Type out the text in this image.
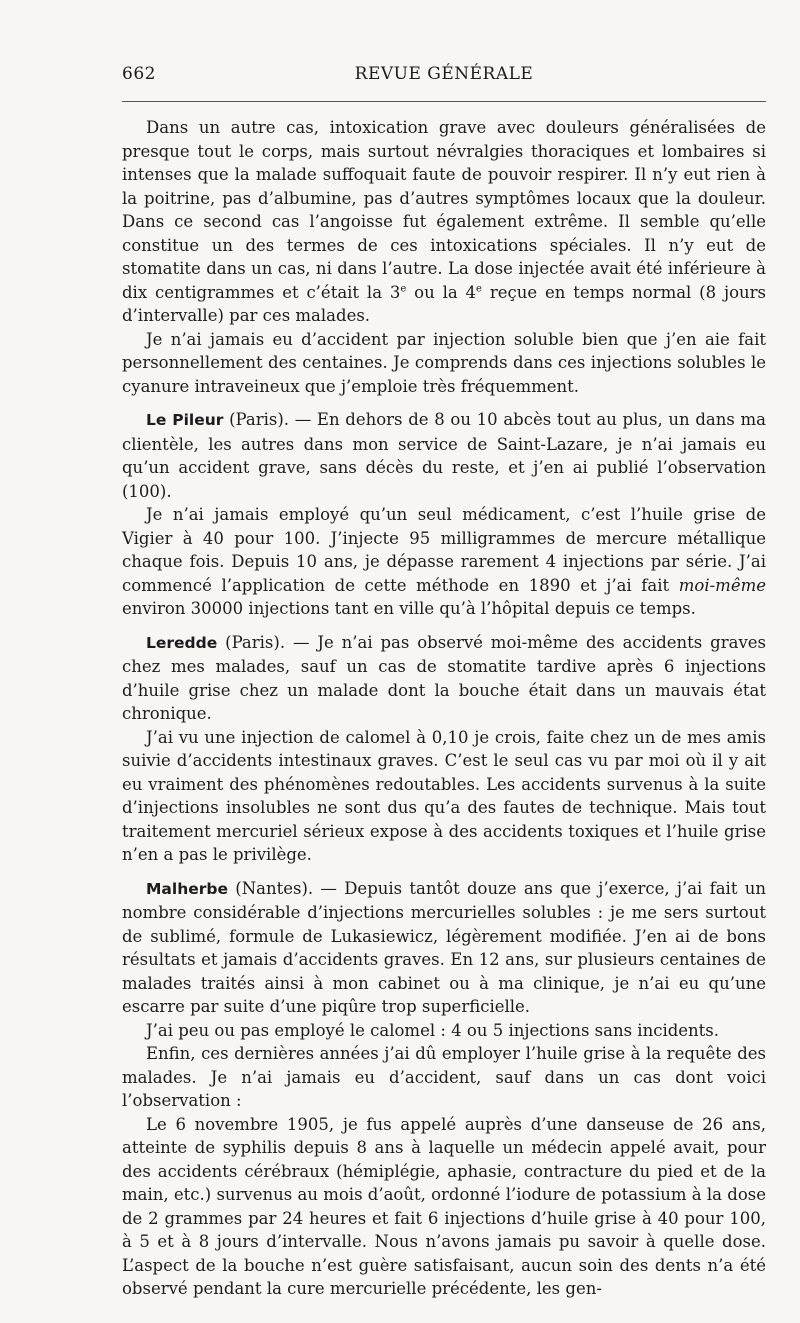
662	REVUE GÉNÉRALE

Dans un autre cas, intoxication grave avec douleurs généralisées de presque tout le corps, mais surtout névralgies thoraciques et lombaires si intenses que la malade suffoquait faute de pouvoir respirer. Il n’y eut rien à la poitrine, pas d’albumine, pas d’autres symptômes locaux que la douleur. Dans ce second cas l’angoisse fut également extrême. Il semble qu’elle constitue un des termes de ces intoxications spéciales. Il n’y eut de stomatite dans un cas, ni dans l’autre. La dose injectée avait été inférieure à dix centigrammes et c’était la 3e ou la 4e reçue en temps normal (8 jours d’intervalle) par ces malades.

Je n’ai jamais eu d’accident par injection soluble bien que j’en aie fait personnellement des centaines. Je comprends dans ces injections solubles le cyanure intraveineux que j’emploie très fréquemment.

Le Pileur (Paris). — En dehors de 8 ou 10 abcès tout au plus, un dans ma clientèle, les autres dans mon service de Saint-Lazare, je n’ai jamais eu qu’un accident grave, sans décès du reste, et j’en ai publié l’observation (100).

Je n’ai jamais employé qu’un seul médicament, c’est l’huile grise de Vigier à 40 pour 100. J’injecte 95 milligrammes de mercure métallique chaque fois. Depuis 10 ans, je dépasse rarement 4 injections par série. J’ai commencé l’application de cette méthode en 1890 et j’ai fait moi-même environ 30000 injections tant en ville qu’à l’hôpital depuis ce temps.

Leredde (Paris). — Je n’ai pas observé moi-même des accidents graves chez mes malades, sauf un cas de stomatite tardive après 6 injections d’huile grise chez un malade dont la bouche était dans un mauvais état chronique.

J’ai vu une injection de calomel à 0,10 je crois, faite chez un de mes amis suivie d’accidents intestinaux graves. C’est le seul cas vu par moi où il y ait eu vraiment des phénomènes redoutables. Les accidents survenus à la suite d’injections insolubles ne sont dus qu’a des fautes de technique. Mais tout traitement mercuriel sérieux expose à des accidents toxiques et l’huile grise n’en a pas le privilège.

Malherbe (Nantes). — Depuis tantôt douze ans que j’exerce, j’ai fait un nombre considérable d’injections mercurielles solubles : je me sers surtout de sublimé, formule de Lukasiewicz, légèrement modifiée. J’en ai de bons résultats et jamais d’accidents graves. En 12 ans, sur plusieurs centaines de malades traités ainsi à mon cabinet ou à ma clinique, je n’ai eu qu’une escarre par suite d’une piqûre trop superficielle.

J’ai peu ou pas employé le calomel : 4 ou 5 injections sans incidents.

Enfin, ces dernières années j’ai dû employer l’huile grise à la requête des malades. Je n’ai jamais eu d’accident, sauf dans un cas dont voici l’observation :

Le 6 novembre 1905, je fus appelé auprès d’une danseuse de 26 ans, atteinte de syphilis depuis 8 ans à laquelle un médecin appelé avait, pour des accidents cérébraux (hémiplégie, aphasie, contracture du pied et de la main, etc.) survenus au mois d’août, ordonné l’iodure de potassium à la dose de 2 grammes par 24 heures et fait 6 injections d’huile grise à 40 pour 100, à 5 et à 8 jours d’intervalle. Nous n’avons jamais pu savoir à quelle dose. L’aspect de la bouche n’est guère satisfaisant, aucun soin des dents n’a été observé pendant la cure mercurielle précédente, les gen-
